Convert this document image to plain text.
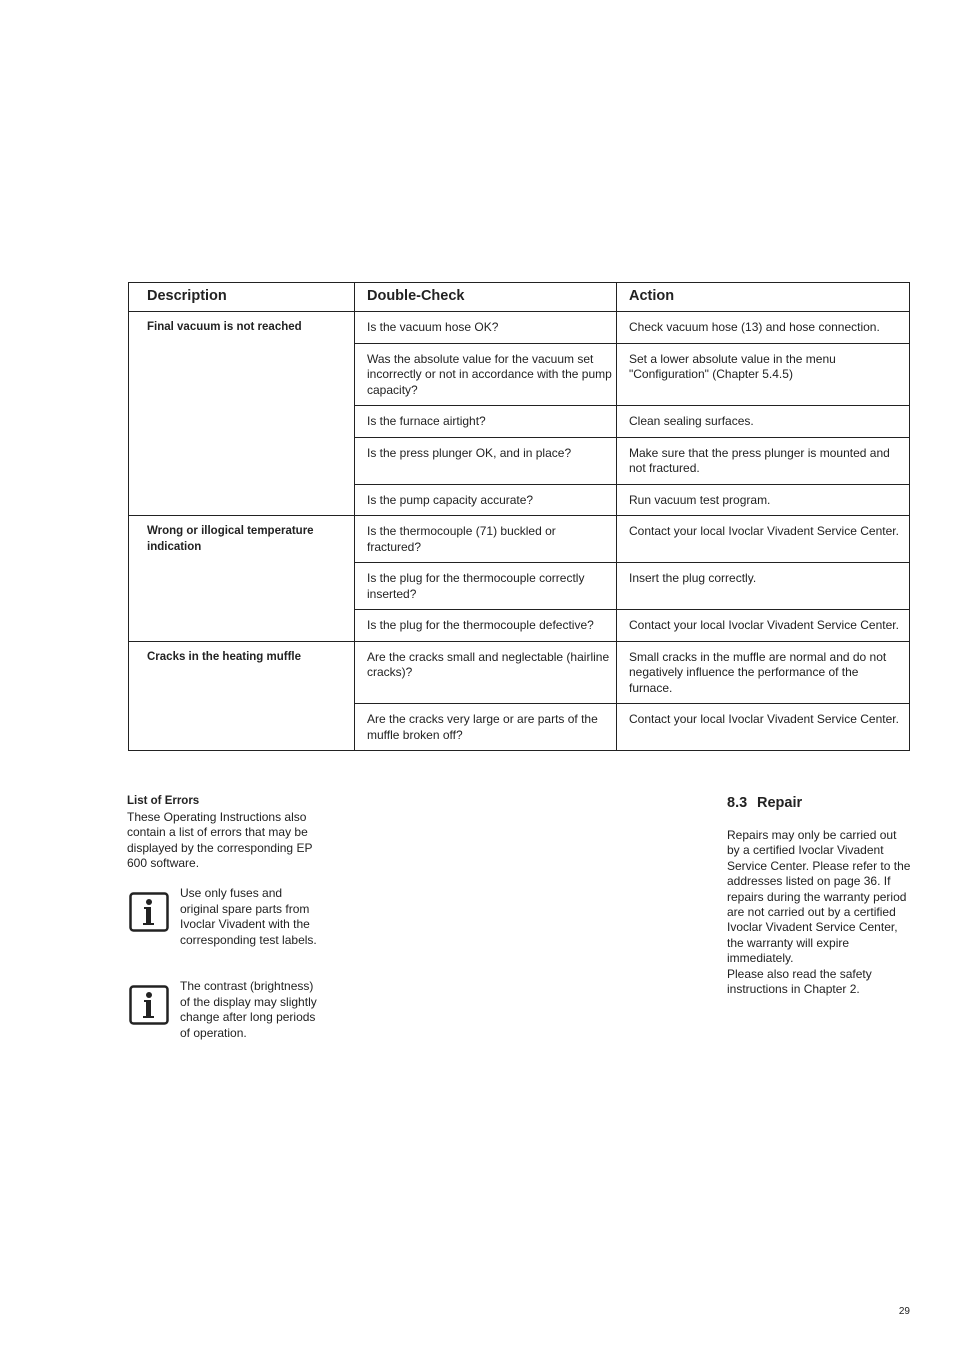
Description	Double-Check	Action
Final vacuum is not reached	Is the vacuum hose OK?	Check vacuum hose (13) and hose connection.
	Was the absolute value for the vacuum set incorrectly or not in accordance with the pump capacity?	Set a lower absolute value in the menu "Configuration" (Chapter 5.4.5)
	Is the furnace airtight?	Clean sealing surfaces.
	Is the press plunger OK, and in place?	Make sure that the press plunger is mounted and not fractured.
	Is the pump capacity accurate?	Run vacuum test program.
Wrong or illogical temperature indication	Is the thermocouple (71) buckled or fractured?	Contact your local Ivoclar Vivadent Service Center.
	Is the plug for the thermocouple correctly inserted?	Insert the plug correctly.
	Is the plug for the thermocouple defective?	Contact your local Ivoclar Vivadent Service Center.
Cracks in the heating muffle	Are the cracks small and neglectable (hairline cracks)?	Small cracks in the muffle are normal and do not negatively influence the performance of the furnace.
	Are the cracks very large or are parts of the muffle broken off?	Contact your local Ivoclar Vivadent Service Center.
List of Errors
These Operating Instructions also contain a list of errors that may be displayed by the corresponding EP 600 software.
Use only fuses and original spare parts from Ivoclar Vivadent with the corresponding test labels.
The contrast (brightness) of the display may slightly change after long periods of operation.
8.3 Repair

Repairs may only be carried out by a certified Ivoclar Vivadent Service Center. Please refer to the addresses listed on page 36. If repairs during the warranty period are not carried out by a certified Ivoclar Vivadent Service Center, the warranty will expire immediately.
Please also read the safety instructions in Chapter 2.

29
